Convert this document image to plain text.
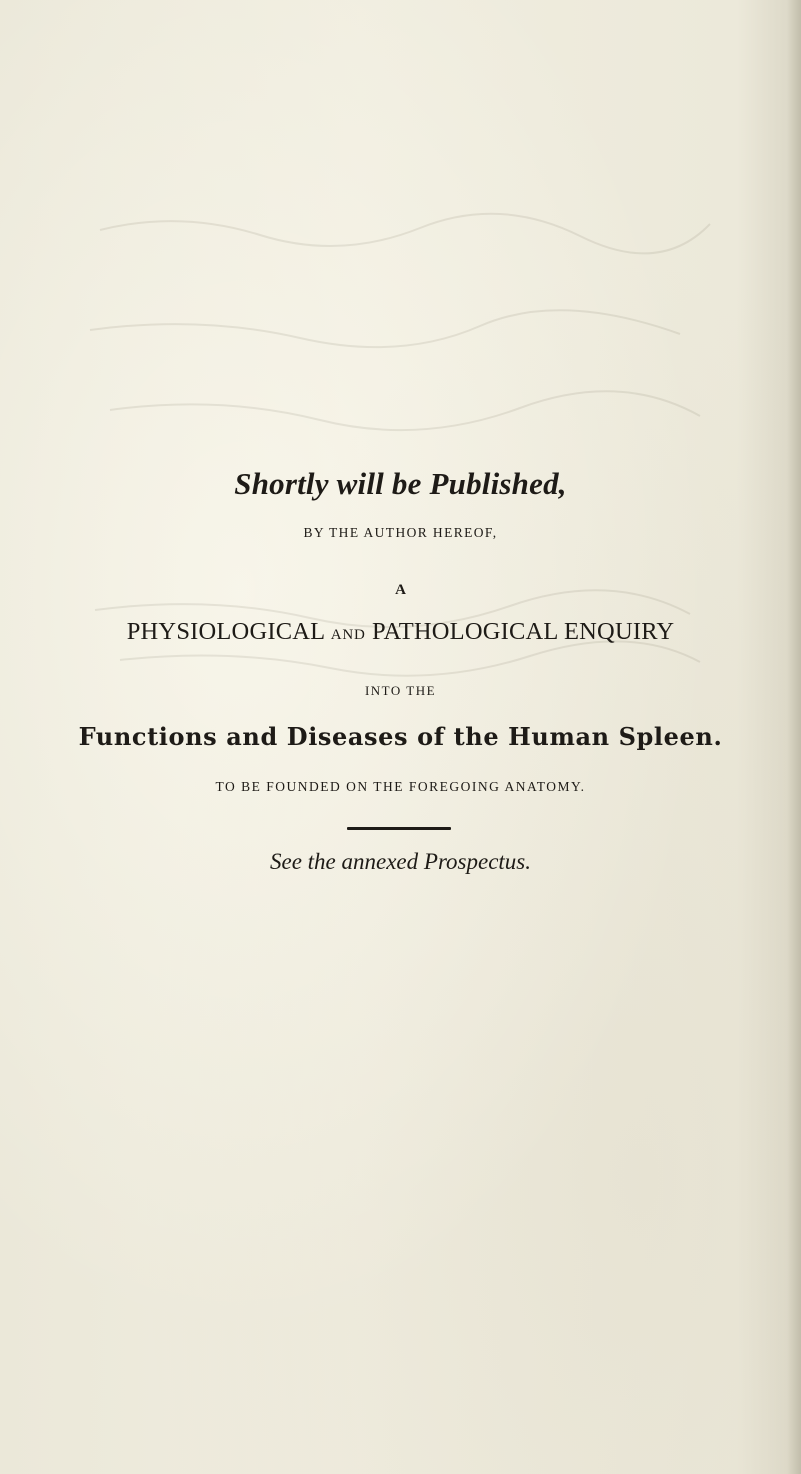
Shortly will be Published,
BY THE AUTHOR HEREOF,
A
PHYSIOLOGICAL AND PATHOLOGICAL ENQUIRY
INTO THE
Functions and Diseases of the Human Spleen.
TO BE FOUNDED ON THE FOREGOING ANATOMY.
See the annexed Prospectus.
